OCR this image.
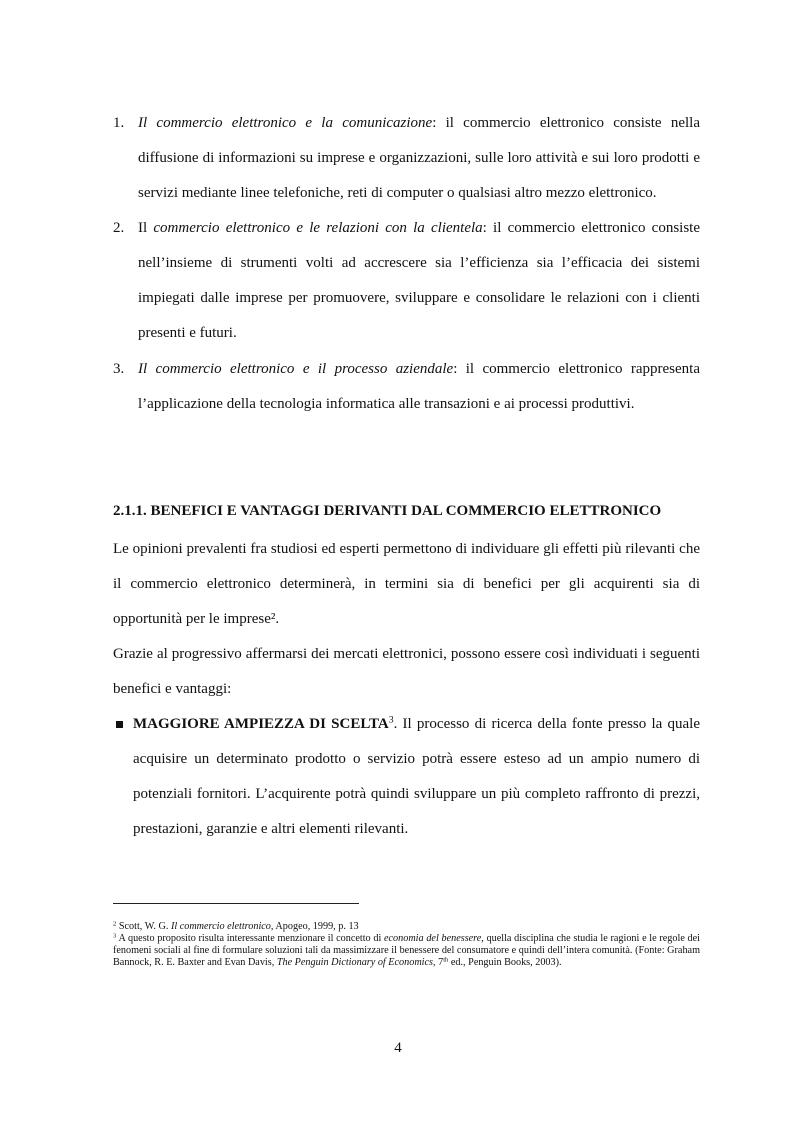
1. Il commercio elettronico e la comunicazione: il commercio elettronico consiste nella diffusione di informazioni su imprese e organizzazioni, sulle loro attività e sui loro prodotti e servizi mediante linee telefoniche, reti di computer o qualsiasi altro mezzo elettronico.
2. Il commercio elettronico e le relazioni con la clientela: il commercio elettronico consiste nell’insieme di strumenti volti ad accrescere sia l’efficienza sia l’efficacia dei sistemi impiegati dalle imprese per promuovere, sviluppare e consolidare le relazioni con i clienti presenti e futuri.
3. Il commercio elettronico e il processo aziendale: il commercio elettronico rappresenta l’applicazione della tecnologia informatica alle transazioni e ai processi produttivi.
2.1.1. BENEFICI E VANTAGGI DERIVANTI DAL COMMERCIO ELETTRONICO
Le opinioni prevalenti fra studiosi ed esperti permettono di individuare gli effetti più rilevanti che il commercio elettronico determinerà, in termini sia di benefici per gli acquirenti sia di opportunità per le imprese².
Grazie al progressivo affermarsi dei mercati elettronici, possono essere così individuati i seguenti benefici e vantaggi:
MAGGIORE AMPIEZZA DI SCELTA$^3$. Il processo di ricerca della fonte presso la quale acquisire un determinato prodotto o servizio potrà essere esteso ad un ampio numero di potenziali fornitori. L’acquirente potrà quindi sviluppare un più completo raffronto di prezzi, prestazioni, garanzie e altri elementi rilevanti.
$^2$ Scott, W. G. Il commercio elettronico, Apogeo, 1999, p. 13
$^3$ A questo proposito risulta interessante menzionare il concetto di economia del benessere, quella disciplina che studia le ragioni e le regole dei fenomeni sociali al fine di formulare soluzioni tali da massimizzare il benessere del consumatore e quindi dell’intera comunità. (Fonte: Graham Bannock, R. E. Baxter and Evan Davis, The Penguin Dictionary of Economics, 7th ed., Penguin Books, 2003).
4
